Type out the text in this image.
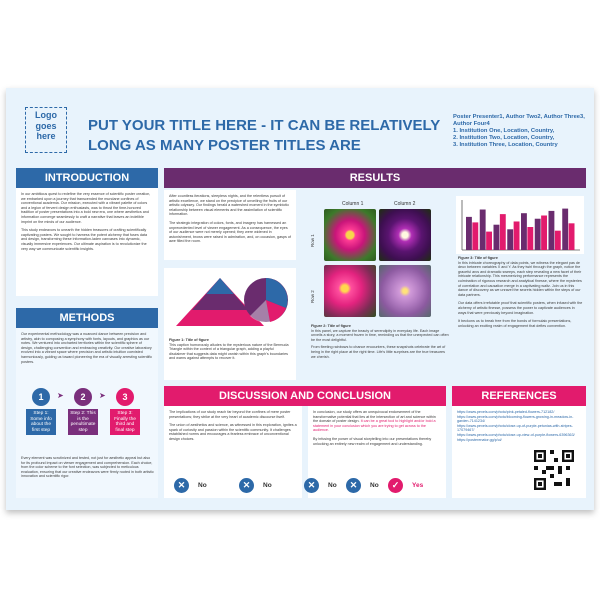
Logo goes here
PUT YOUR TITLE HERE - IT CAN BE RELATIVELY LONG AS MANY POSTER TITLES ARE
Poster Presenter1, Author Two2, Author Three3, Author Four4
1. Institution One, Location, Country,
2. Institution Two, Location, Country,
3. Institution Three, Location, Country
INTRODUCTION

In our ambitious quest to redefine the very essence of scientific poster creation, we embarked upon a journey that transcended the mundane confines of conventional academia. Our mission, executed with a vibrant palette of colors and a legion of fervent design enthusiasts, was to thrust the time-honored tradition of poster presentations into a bold new era, one where aesthetics and information converge seamlessly to craft a narrative that leaves an indelible imprint on the minds of our audience.

This study endeavors to unearth the hidden treasures of crafting scientifically captivating posters. We sought to harness the potent alchemy that fuses data and design, transforming these information-laden canvases into dynamic, visually immersive experiences. Our ultimate aspiration is to revolutionize the very way we communicate scientific insights.

METHODS

Our experimental methodology was a nuanced dance between precision and artistry, akin to composing a symphony with fonts, layouts, and graphics as our notes. We ventured into uncharted territories within the scientific sphere of design, challenging convention and embracing creativity. Our creative laboratory evolved into a vibrant space where precision and artistic intuition coexisted harmoniously, guiding us toward pioneering the era of visually arresting scientific posters.

1
Step 1: Some info about the first step
➤	2
Step 2: This is the penultimate step
➤	3
Step 3: Finally the third and final step

Every element was scrutinized and tested, not just for aesthetic appeal but also for its profound impact on viewer engagement and comprehension. Each choice, from the color scheme to the font selection, was subjected to meticulous evaluation, ensuring that our creative endeavors were firmly rooted in both artistic innovation and scientific rigor.

RESULTS

After countless iterations, sleepless nights, and the relentless pursuit of artistic excellence, we stand on the precipice of unveiling the fruits of our artistic odyssey. Our findings herald a watershed moment in the symbiotic relationship between visual elements and the assimilation of scientific information.

The strategic integration of colors, fonts, and imagery has harnessed an unprecedented level of viewer engagement. As a consequence, the eyes of our audience were not merely opened; they were widened in astonishment, brows were raised in admiration, and, on occasion, gasps of awe filled the room.

Figure 1: Title of figure

This caption humorously alludes to the mysterious nature of the Bermuda Triangle within the context of a triangular graph, adding a playful disclaimer that suggests data might vanish within this graph's boundaries and warns against attempts to recover it.

Column 1	Column 2
Row 1
Row 2

Figure 2: Title of figure

In this panel, we capture the beauty of serendipity in everyday life. Each image unveils a story, a moment frozen in time, reminding us that the unexpected can often be the most delightful.

From fleeting rainbows to chance encounters, these snapshots celebrate the art of being in the right place at the right time. Life's little surprises are the true treasures we cherish.

Figure 3: Title of figure

In this intricate choreography of data points, we witness the elegant pas de deux between variables X and Y. As they twirl through the graph, notice the graceful arcs and dramatic sweeps, each step revealing a new facet of their intricate relationship. This mesmerizing performance represents the culmination of rigorous research and analytical finesse, where the mysteries of correlation and causation merge in a captivating waltz. Join us in this dance of discovery as we unravel the secrets hidden within the steps of our data partners.

Our data offers irrefutable proof that scientific posters, when infused with the alchemy of artistic finesse, possess the power to captivate audiences in ways that were previously beyond imagination.

It beckons us to break free from the bonds of formulaic presentations, unlocking an exciting realm of engagement that defies convention.

DISCUSSION AND CONCLUSION

The implications of our study reach far beyond the confines of mere poster presentations; they strike at the very heart of academic discourse itself.

The union of aesthetics and science, as witnessed in this exploration, ignites a spark of curiosity and passion within the scientific community. It challenges established norms and encourages a fearless embrace of unconventional design choices.

In conclusion, our study offers an unequivocal endorsement of the transformative potential that lies at the intersection of art and science within the domain of poster design. It can be a great tool to highlight and/or bold a statement in your conclusion which you are trying to get across to the audience.

By infusing the power of visual storytelling into our presentations thereby unlocking an entirely new realm of engagement and understanding.

✕	No	✕	No	✕	No	✕	No	✓	Yes
REFERENCES

https://www.pexels.com/photo/pink-petaled-flowers-712182/

https://www.pexels.com/photo/blooming-flowers-growing-in-meadow-in-garden-7141234/

https://www.pexels.com/photo/close-up-of-purple-petunias-with-stripes-17079467/

https://www.pexels.com/photo/close-up-view-of-purple-flowers-6396363/

https://posterenator.gg/p/ui/
